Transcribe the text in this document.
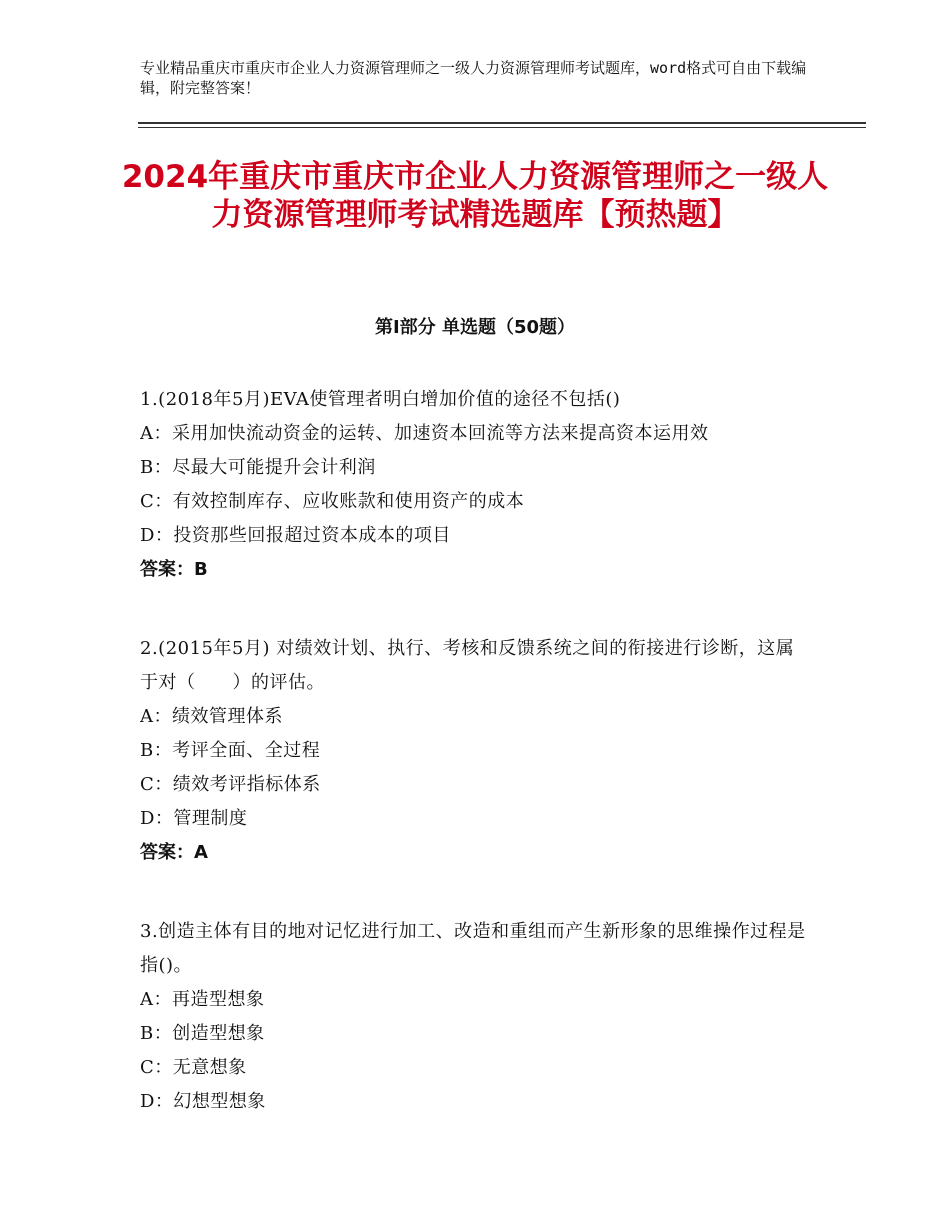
专业精品重庆市重庆市企业人力资源管理师之一级人力资源管理师考试题库，word格式可自由下载编辑，附完整答案！

2024年重庆市重庆市企业人力资源管理师之一级人力资源管理师考试精选题库【预热题】
第Ⅰ部分 单选题（50题）

1.(2018年5月)EVA使管理者明白增加价值的途径不包括()

A：采用加快流动资金的运转、加速资本回流等方法来提高资本运用效

B：尽最大可能提升会计利润

C：有效控制库存、应收账款和使用资产的成本

D：投资那些回报超过资本成本的项目

答案：B

2.(2015年5月) 对绩效计划、执行、考核和反馈系统之间的衔接进行诊断，这属于对（　　）的评估。

A：绩效管理体系

B：考评全面、全过程

C：绩效考评指标体系

D：管理制度

答案：A

3.创造主体有目的地对记忆进行加工、改造和重组而产生新形象的思维操作过程是指()。

A：再造型想象

B：创造型想象

C：无意想象

D：幻想型想象
